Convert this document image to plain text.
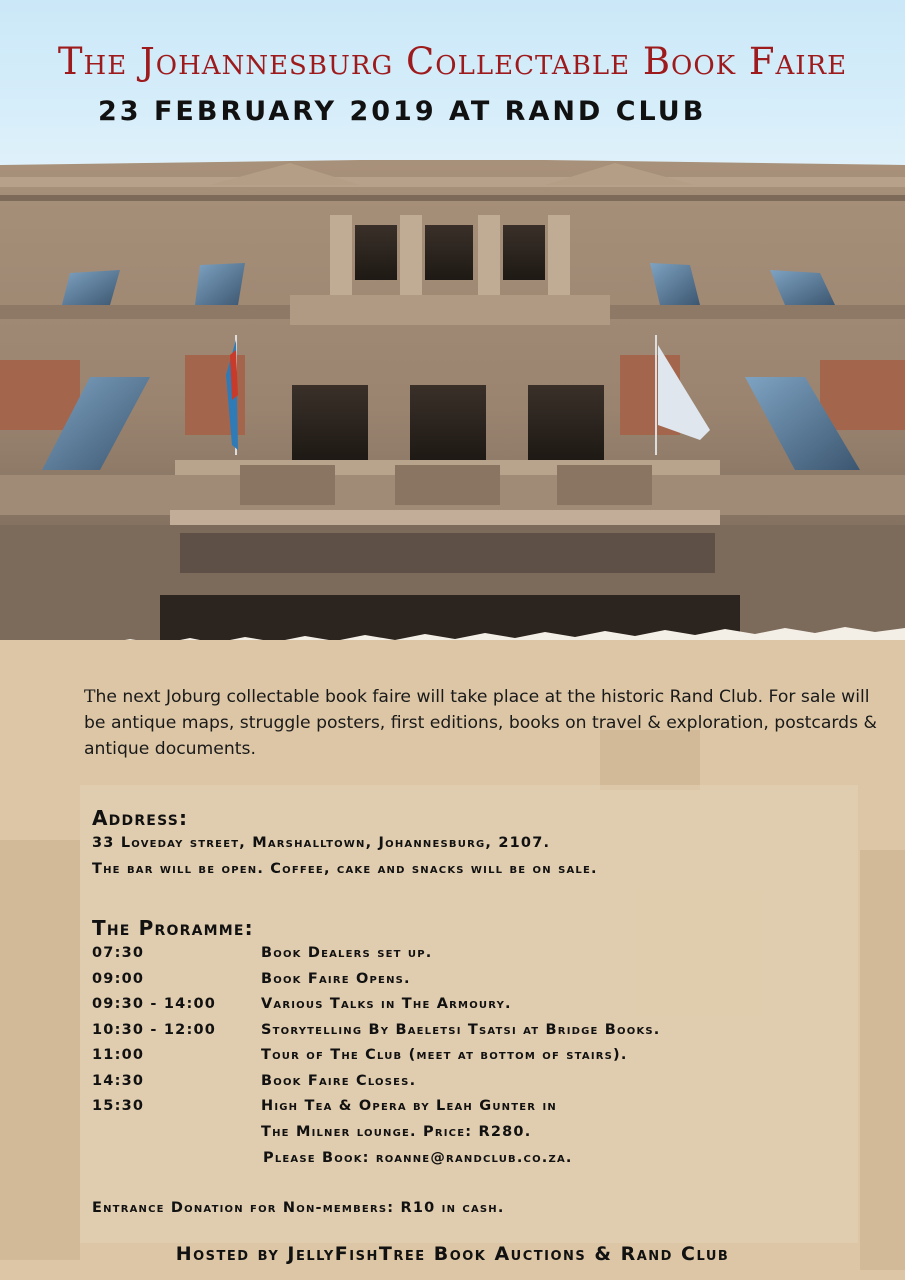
The next Joburg collectable book faire will take place at the historic Rand Club. For sale will be antique maps, struggle posters, first editions, books on travel & exploration, postcards & antique documents.
Address:
33 Loveday street, Marshalltown, Johannesburg, 2107.
The bar will be open. Coffee, cake and snacks will be on sale.
The Proramme:
07:30	Book Dealers set up.
09:00	Book Faire Opens.
09:30 - 14:00	Various Talks in The Armoury.
10:30 - 12:00	Storytelling By Baeletsi Tsatsi at Bridge Books.
11:00	Tour of The Club (meet at bottom of stairs).
14:30	Book Faire Closes.
15:30	High Tea & Opera by Leah Gunter in
The Milner lounge. Price: R280.
Please Book: roanne@randclub.co.za.
Entrance Donation for Non-members: R10 in cash.
Hosted by JellyFishTree Book Auctions & Rand Club
The Johannesburg Collectable Book Faire
23 FEBRUARY 2019 AT RAND CLUB
